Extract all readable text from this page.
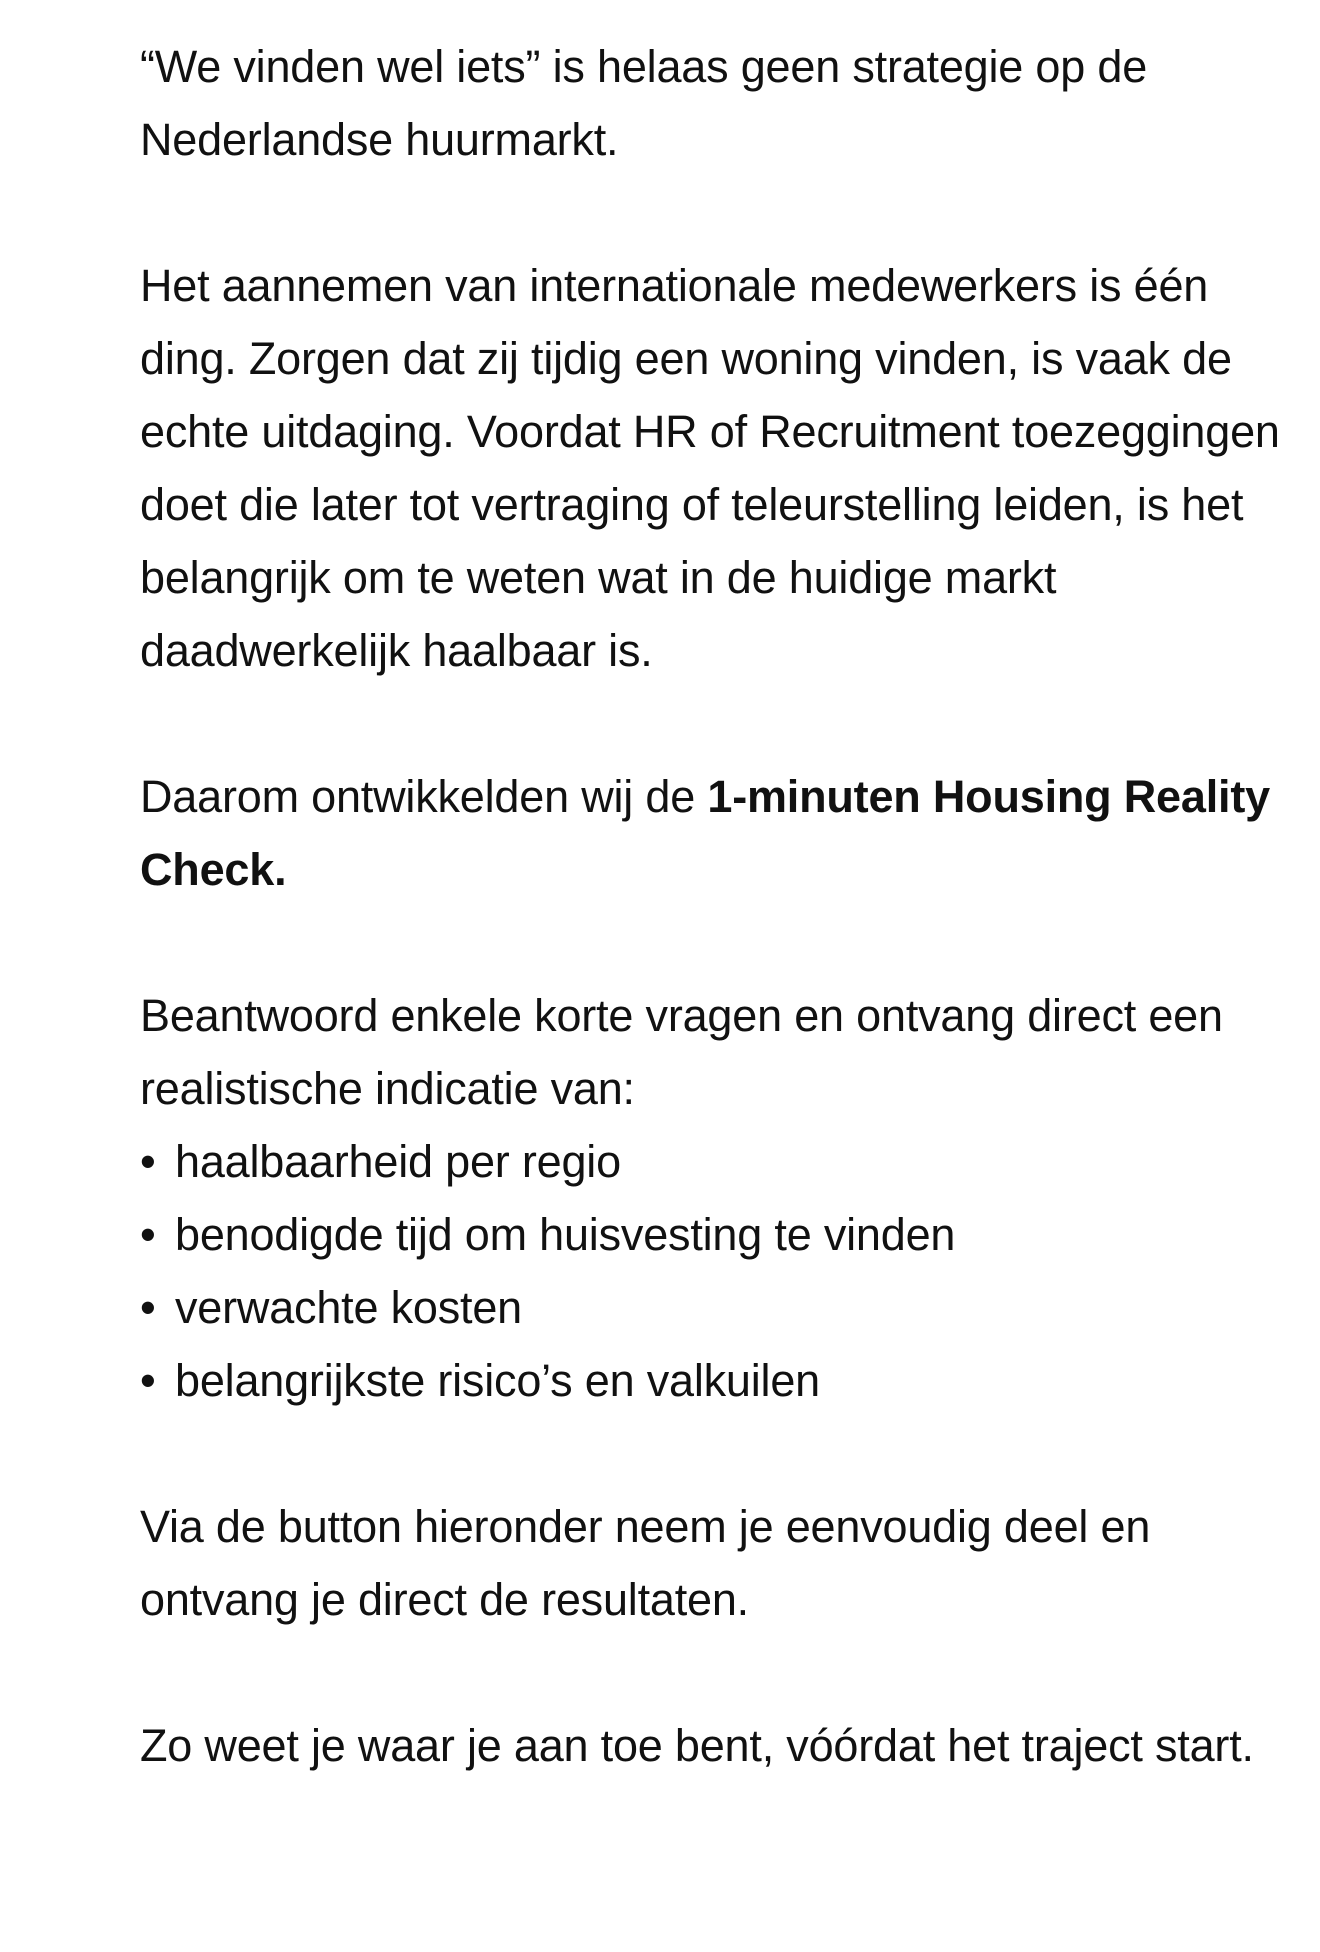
“We vinden wel iets” is helaas geen strategie op de Nederlandse huurmarkt.

Het aannemen van internationale medewerkers is één ding. Zorgen dat zij tijdig een woning vinden, is vaak de echte uitdaging. Voordat HR of Recruitment toezeggingen doet die later tot vertraging of teleurstelling leiden, is het belangrijk om te weten wat in de huidige markt daadwerkelijk haalbaar is.

Daarom ontwikkelden wij de 1-minuten Housing Reality Check.

Beantwoord enkele korte vragen en ontvang direct een realistische indicatie van:
• haalbaarheid per regio
• benodigde tijd om huisvesting te vinden
• verwachte kosten
• belangrijkste risico’s en valkuilen

Via de button hieronder neem je eenvoudig deel en ontvang je direct de resultaten.

Zo weet je waar je aan toe bent, vóórdat het traject start.
